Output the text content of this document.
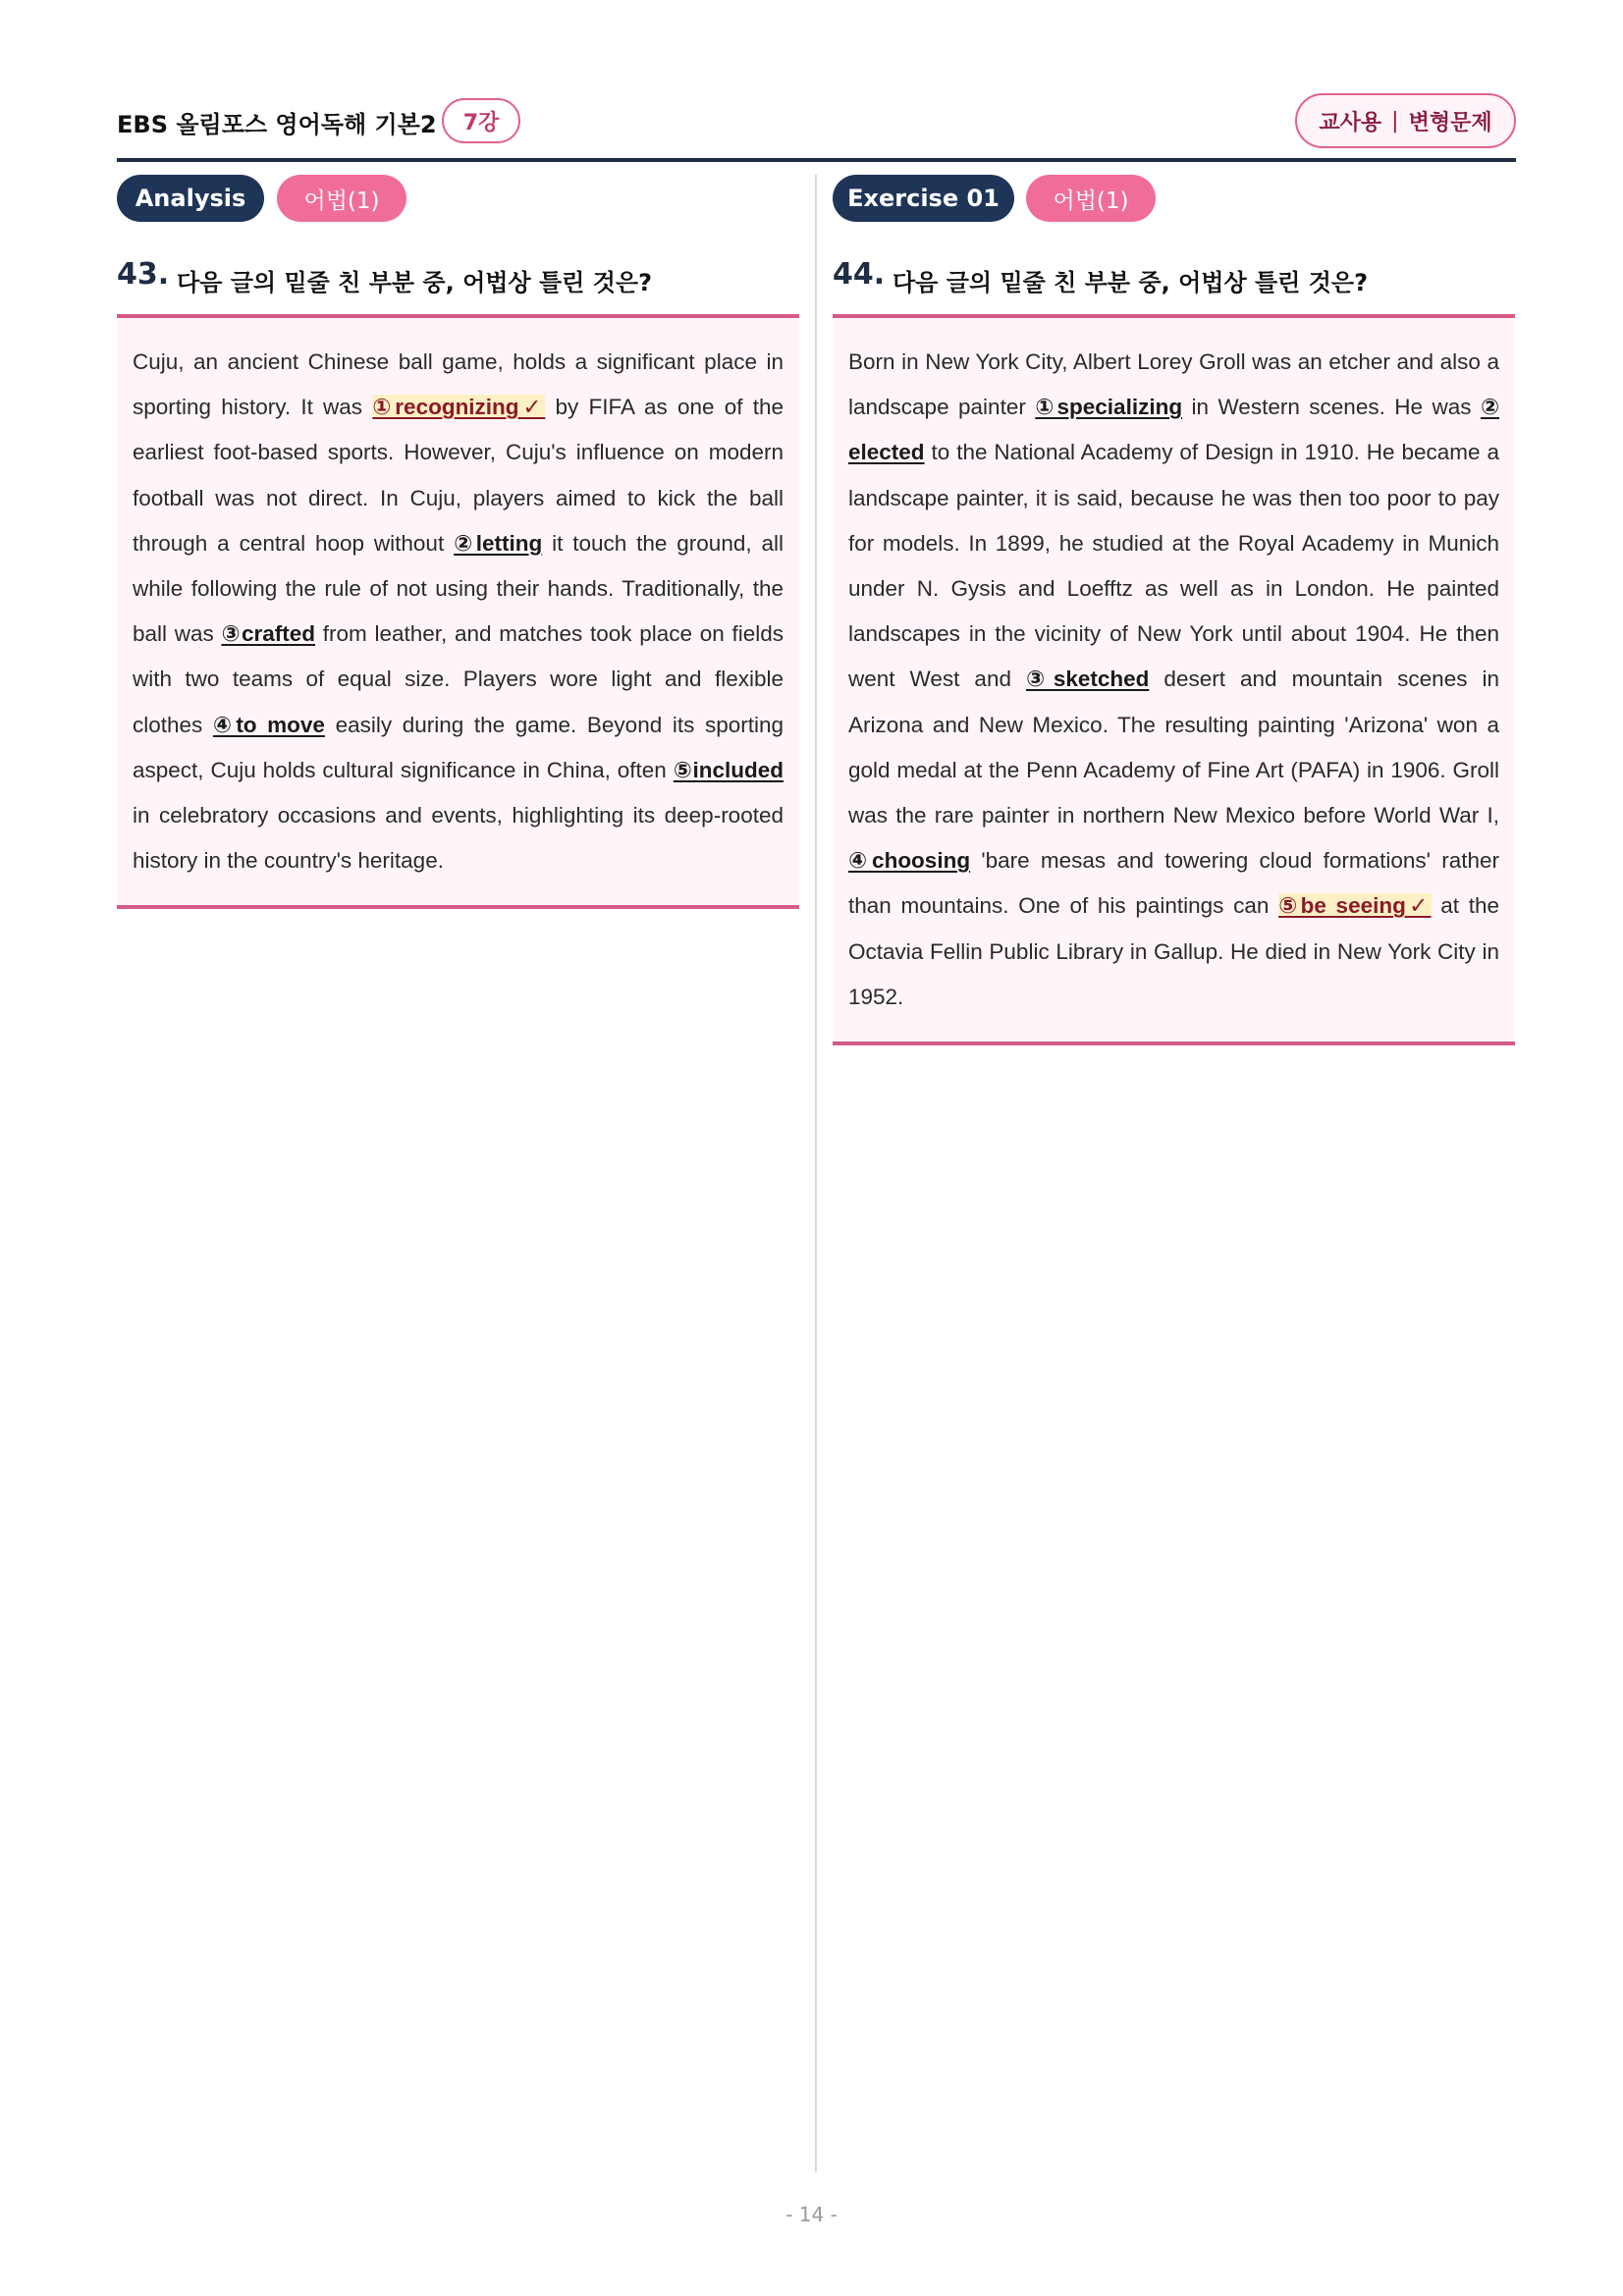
EBS 올림포스 영어독해 기본2	7강	교사용 | 변형문제
Analysis	어법(1)
43. 다음 글의 밑줄 친 부분 중, 어법상 틀린 것은?

Cuju, an ancient Chinese ball game, holds a significant place in sporting history. It was ①recognizing✓ by FIFA as one of the earliest foot-based sports. However, Cuju's influence on modern football was not direct. In Cuju, players aimed to kick the ball through a central hoop without ②letting it touch the ground, all while following the rule of not using their hands. Traditionally, the ball was ③crafted from leather, and matches took place on fields with two teams of equal size. Players wore light and flexible clothes ④to move easily during the game. Beyond its sporting aspect, Cuju holds cultural significance in China, often ⑤included in celebratory occasions and events, highlighting its deep-rooted history in the country's heritage.

Exercise 01	어법(1)
44. 다음 글의 밑줄 친 부분 중, 어법상 틀린 것은?

Born in New York City, Albert Lorey Groll was an etcher and also a landscape painter ①specializing in Western scenes. He was ② elected to the National Academy of Design in 1910. He became a landscape painter, it is said, because he was then too poor to pay for models. In 1899, he studied at the Royal Academy in Munich under N. Gysis and Loefftz as well as in London. He painted landscapes in the vicinity of New York until about 1904. He then went West and ③sketched desert and mountain scenes in Arizona and New Mexico. The resulting painting 'Arizona' won a gold medal at the Penn Academy of Fine Art (PAFA) in 1906. Groll was the rare painter in northern New Mexico before World War I, ④choosing 'bare mesas and towering cloud formations' rather than mountains. One of his paintings can ⑤be seeing✓ at the Octavia Fellin Public Library in Gallup. He died in New York City in 1952.

- 14 -
